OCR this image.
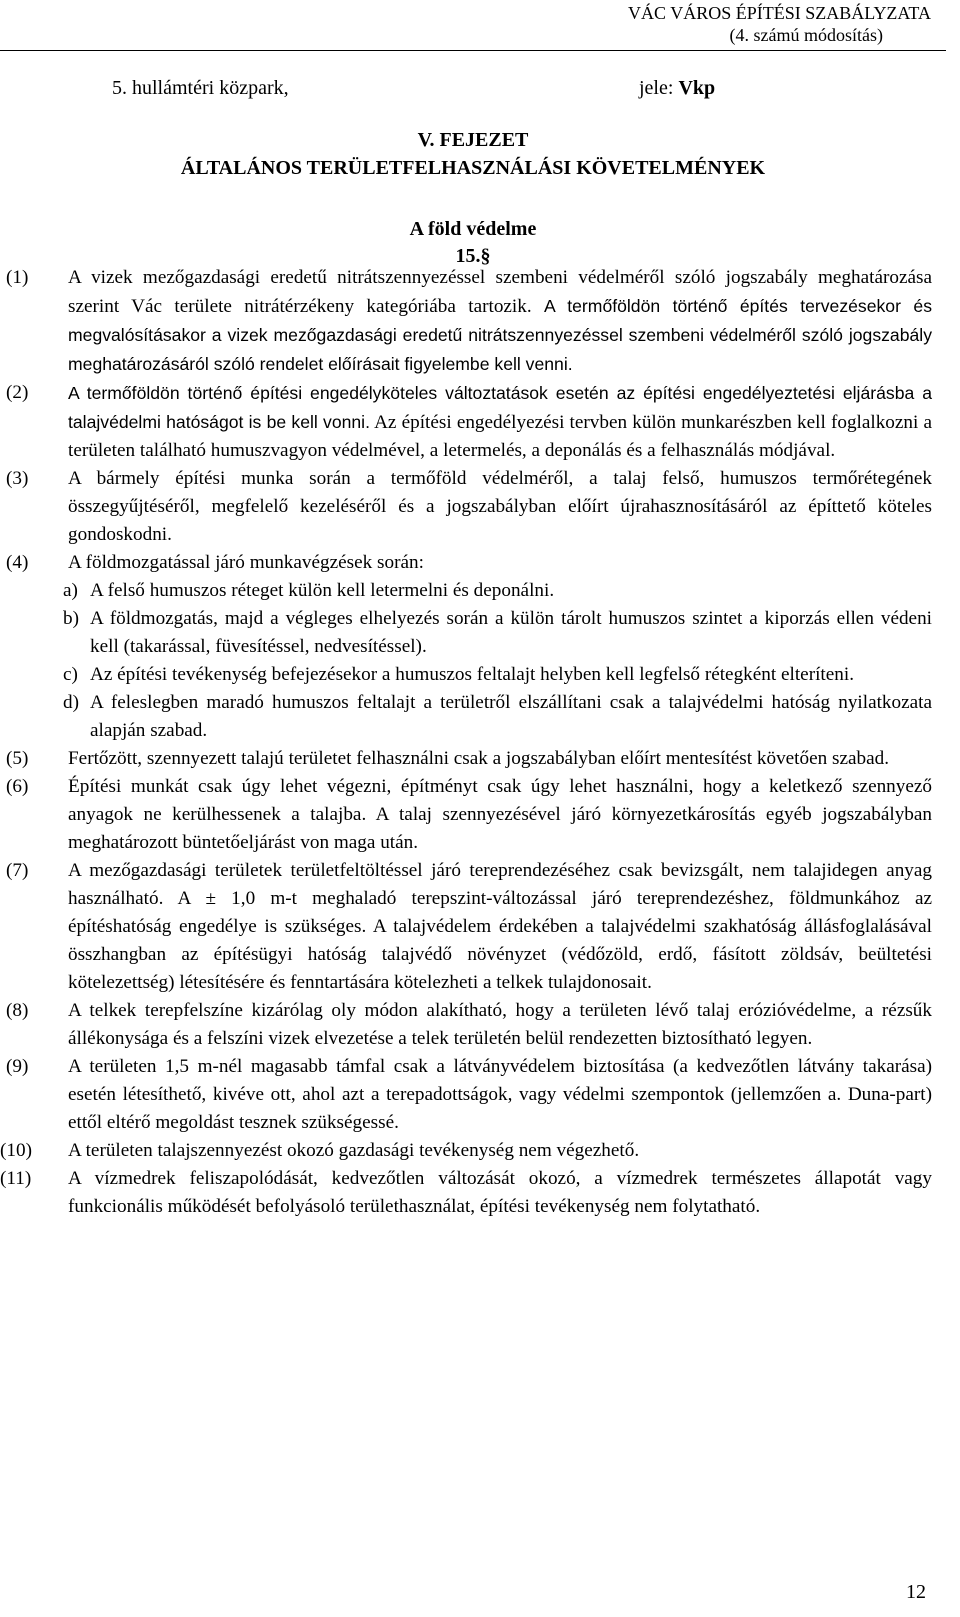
VÁC VÁROS ÉPÍTÉSI SZABÁLYZATA
(4. számú módosítás)
5. hullámtéri közpark,	jele: Vkp
V. FEJEZET
ÁLTALÁNOS TERÜLETFELHASZNÁLÁSI KÖVETELMÉNYEK
A föld védelme
15.§
(1) A vizek mezőgazdasági eredetű nitrátszennyezéssel szembeni védelméről szóló jogszabály meghatározása szerint Vác területe nitrátérzékeny kategóriába tartozik. A termőföldön történő építés tervezésekor és megvalósításakor a vizek mezőgazdasági eredetű nitrátszennyezéssel szembeni védelméről szóló jogszabály meghatározásáról szóló rendelet előírásait figyelembe kell venni.
(2) A termőföldön történő építési engedélyköteles változtatások esetén az építési engedélyeztetési eljárásba a talajvédelmi hatóságot is be kell vonni. Az építési engedélyezési tervben külön munkarészben kell foglalkozni a területen található humuszvagyon védelmével, a letermelés, a deponálás és a felhasználás módjával.
(3) A bármely építési munka során a termőföld védelméről, a talaj felső, humuszos termőrétegének összegyűjtéséről, megfelelő kezeléséről és a jogszabályban előírt újrahasznosításáról az építtető köteles gondoskodni.
(4) A földmozgatással járó munkavégzések során:
a) A felső humuszos réteget külön kell letermelni és deponálni.
b) A földmozgatás, majd a végleges elhelyezés során a külön tárolt humuszos szintet a kiporzás ellen védeni kell (takarással, füvesítéssel, nedvesítéssel).
c) Az építési tevékenység befejezésekor a humuszos feltalajt helyben kell legfelső rétegként elteríteni.
d) A feleslegben maradó humuszos feltalajt a területről elszállítani csak a talajvédelmi hatóság nyilatkozata alapján szabad.
(5) Fertőzött, szennyezett talajú területet felhasználni csak a jogszabályban előírt mentesítést követően szabad.
(6) Építési munkát csak úgy lehet végezni, építményt csak úgy lehet használni, hogy a keletkező szennyező anyagok ne kerülhessenek a talajba. A talaj szennyezésével járó környezetkárosítás egyéb jogszabályban meghatározott büntetőeljárást von maga után.
(7) A mezőgazdasági területek területfeltöltéssel járó tereprendezéséhez csak bevizsgált, nem talajidegen anyag használható. A ± 1,0 m-t meghaladó terepszint-változással járó tereprendezéshez, földmunkához az építéshatóság engedélye is szükséges. A talajvédelem érdekében a talajvédelmi szakhatóság állásfoglalásával összhangban az építésügyi hatóság talajvédő növényzet (védőzöld, erdő, fásított zöldsáv, beültetési kötelezettség) létesítésére és fenntartására kötelezheti a telkek tulajdonosait.
(8) A telkek terepfelszíne kizárólag oly módon alakítható, hogy a területen lévő talaj erózióvédelme, a rézsűk állékonysága és a felszíni vizek elvezetése a telek területén belül rendezetten biztosítható legyen.
(9) A területen 1,5 m-nél magasabb támfal csak a látványvédelem biztosítása (a kedvezőtlen látvány takarása) esetén létesíthető, kivéve ott, ahol azt a terepadottságok, vagy védelmi szempontok (jellemzően a. Duna-part) ettől eltérő megoldást tesznek szükségessé.
(10) A területen talajszennyezést okozó gazdasági tevékenység nem végezhető.
(11) A vízmedrek feliszapolódását, kedvezőtlen változását okozó, a vízmedrek természetes állapotát vagy funkcionális működését befolyásoló területhasználat, építési tevékenység nem folytatható.
12
